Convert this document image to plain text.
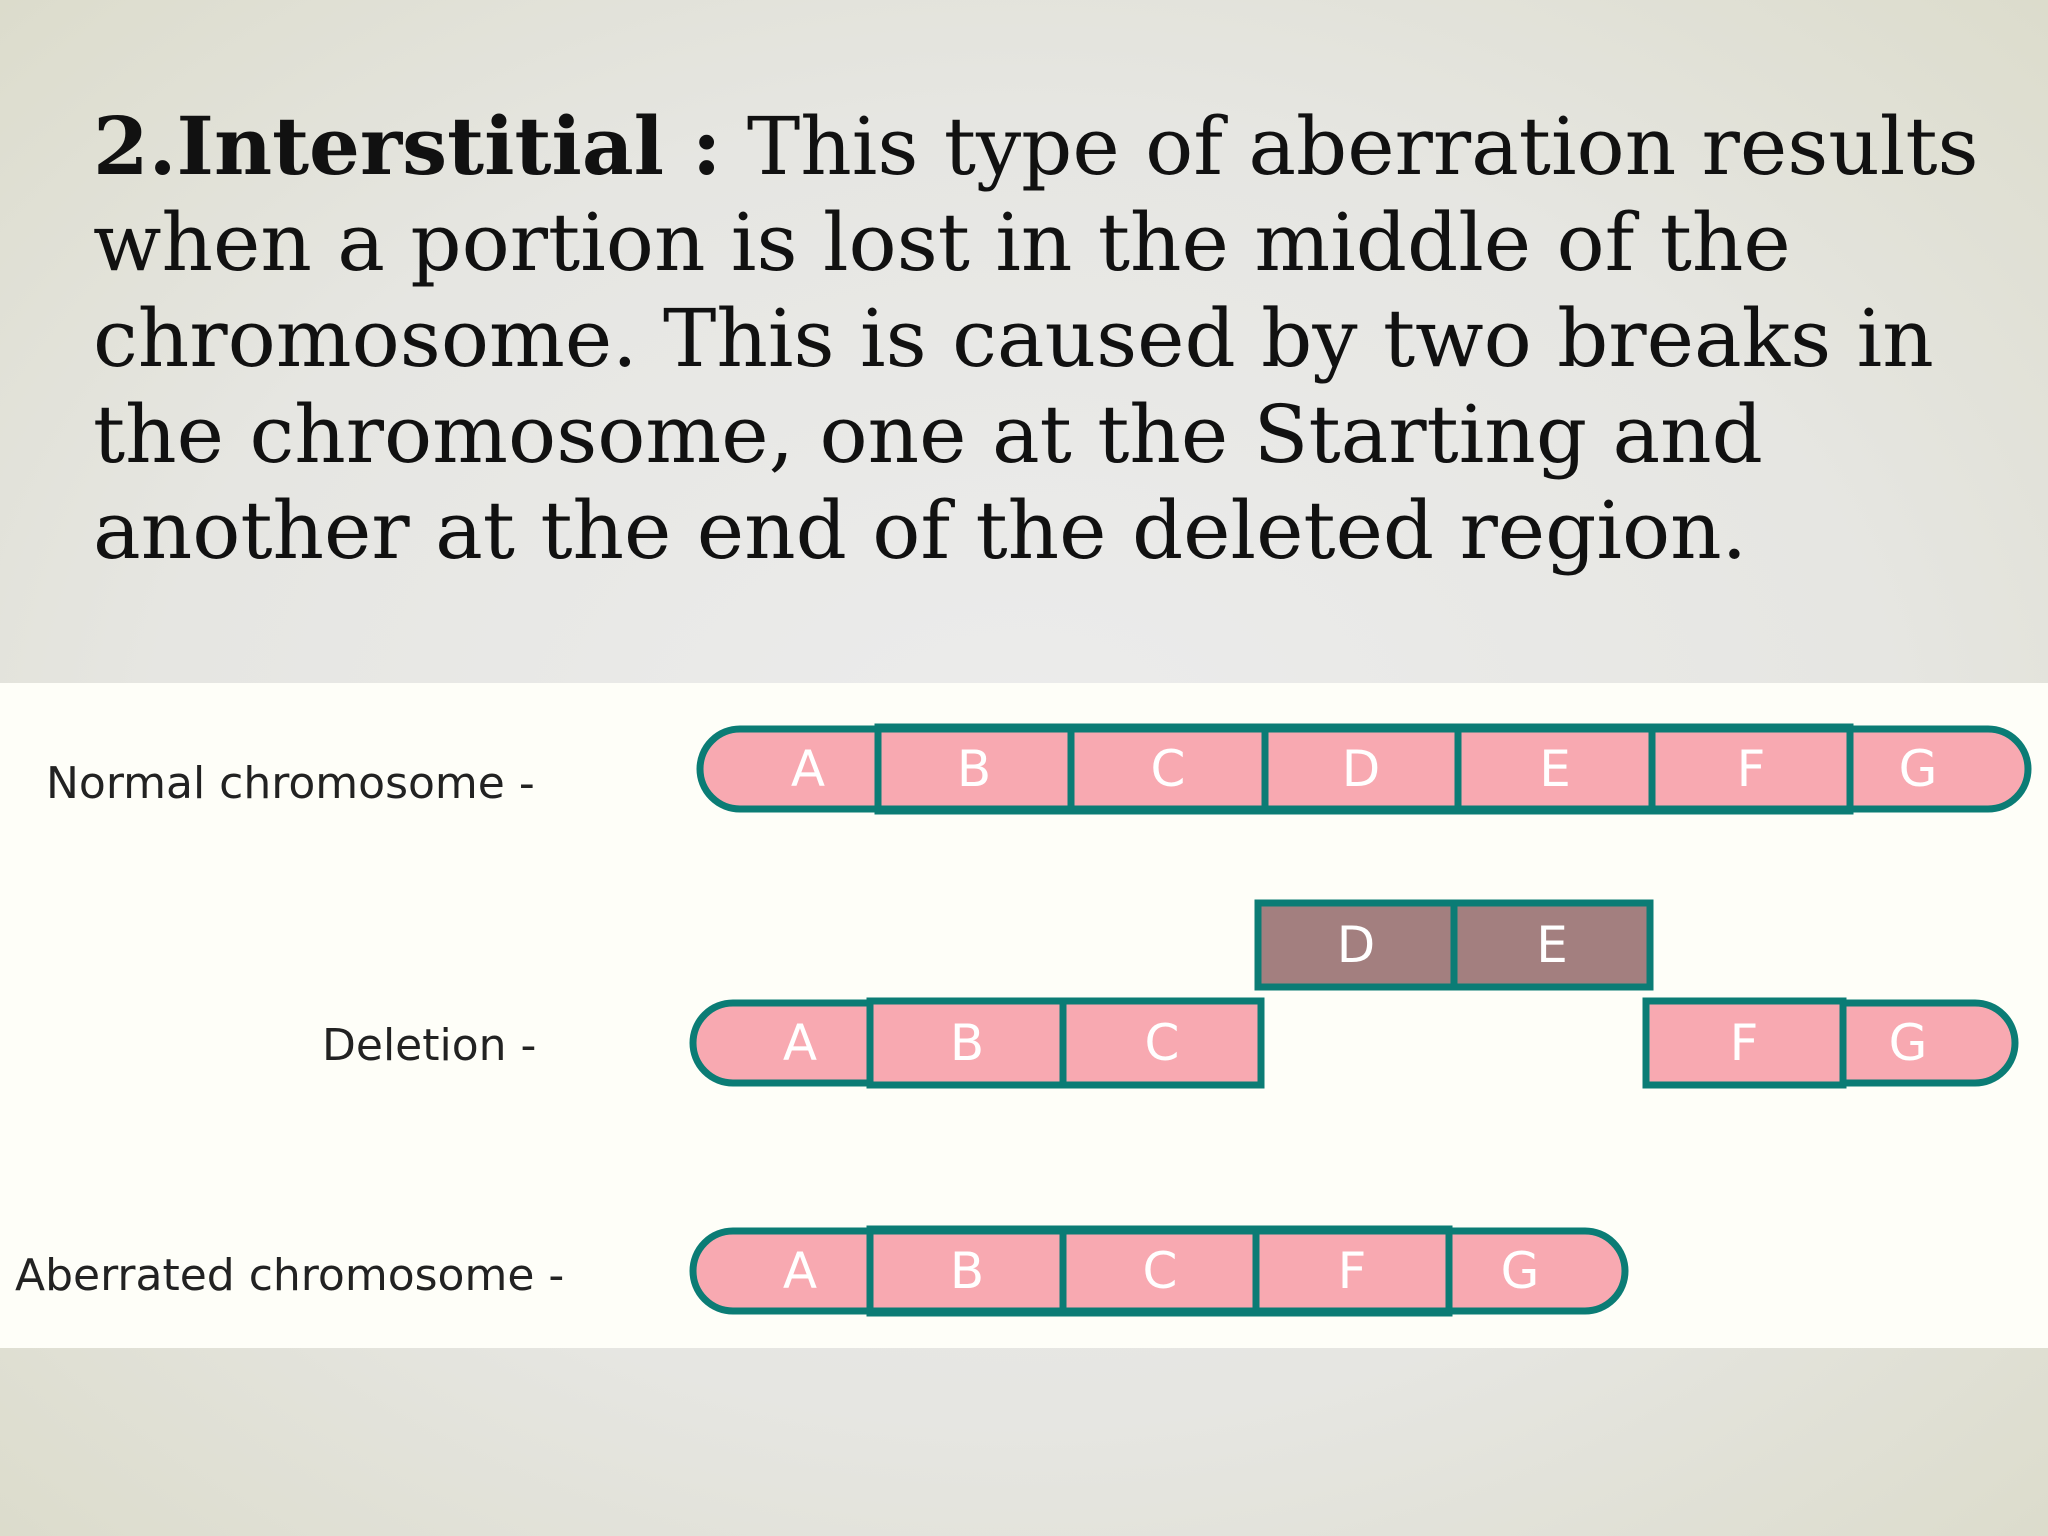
2.Interstitial : This type of aberration results when a portion is lost in the middle of the chromosome. This is caused by two breaks in the chromosome, one at the Starting and another at the end of the deleted region.
Normal chromosome -
Deletion -
Aberrated chromosome -
A	B	C	D	E	F	G
D	E
A	B	C	F	G
A	B	C	F	G
